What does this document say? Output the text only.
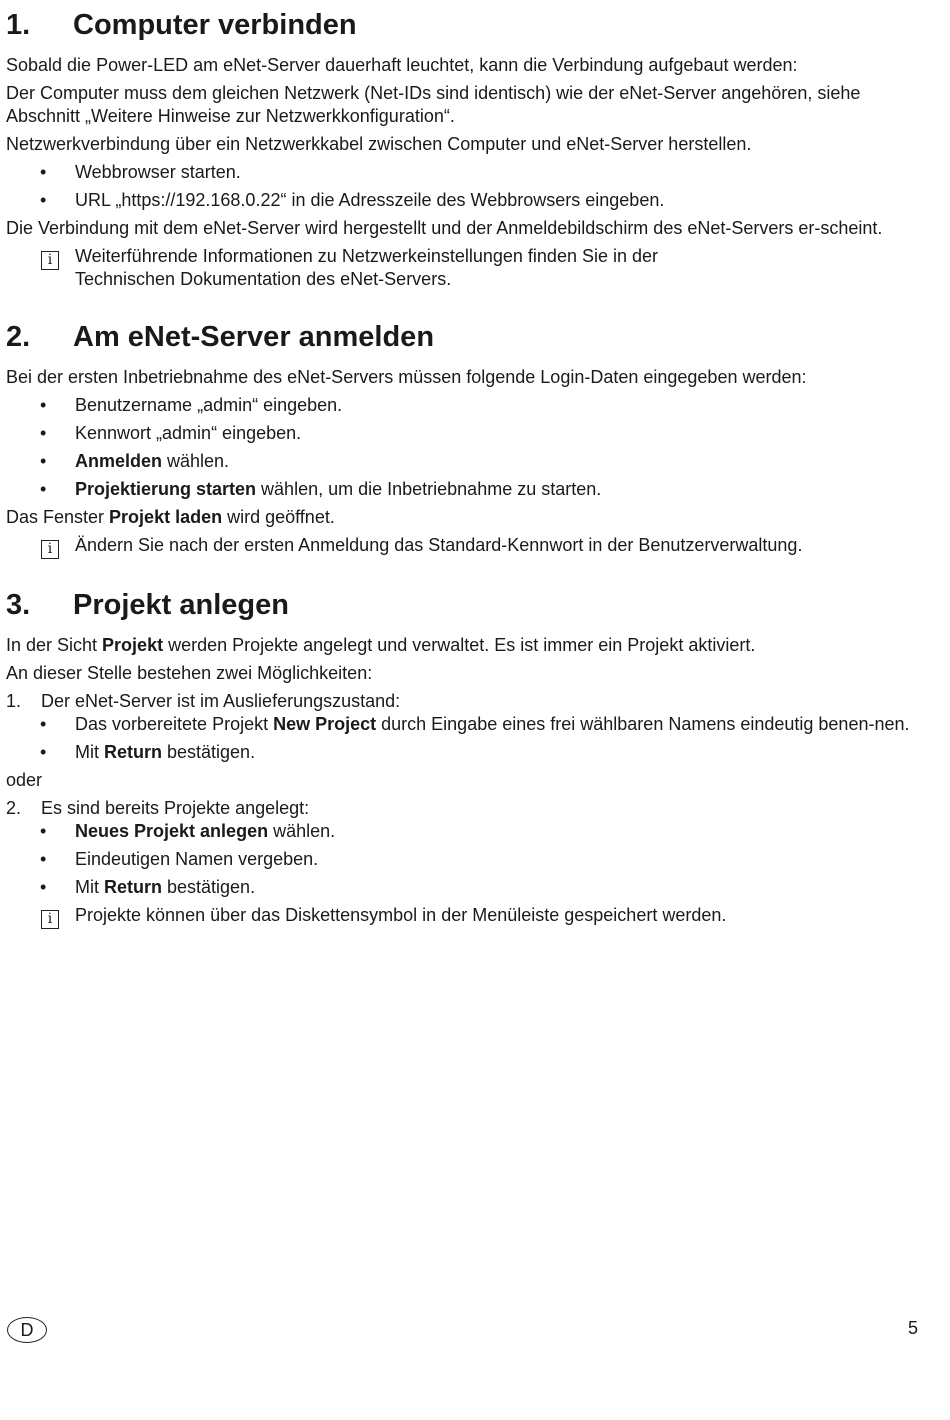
1.	Computer verbinden

Sobald die Power-LED am eNet-Server dauerhaft leuchtet, kann die Verbindung aufgebaut werden:

Der Computer muss dem gleichen Netzwerk (Net-IDs sind identisch) wie der eNet-Server angehören, siehe Abschnitt „Weitere Hinweise zur Netzwerkkonfiguration“.

Netzwerkverbindung über ein Netzwerkkabel zwischen Computer und eNet-Server herstellen.

•	Webbrowser starten.
•	URL „https://192.168.0.22“ in die Adresszeile des Webbrowsers eingeben.

Die Verbindung mit dem eNet-Server wird hergestellt und der Anmeldebildschirm des eNet-Servers er-scheint.

i	Weiterführende Informationen zu Netzwerkeinstellungen finden Sie in der Technischen Dokumentation des eNet-Servers.
2.	Am eNet-Server anmelden

Bei der ersten Inbetriebnahme des eNet-Servers müssen folgende Login-Daten eingegeben werden:

•	Benutzername „admin“ eingeben.
•	Kennwort „admin“ eingeben.
•	Anmelden wählen.
•	Projektierung starten wählen, um die Inbetriebnahme zu starten.

Das Fenster Projekt laden wird geöffnet.

i	Ändern Sie nach der ersten Anmeldung das Standard-Kennwort in der Benutzerverwaltung.
3.	Projekt anlegen

In der Sicht Projekt werden Projekte angelegt und verwaltet. Es ist immer ein Projekt aktiviert.

An dieser Stelle bestehen zwei Möglichkeiten:

1.	Der eNet-Server ist im Auslieferungszustand:
•	Das vorbereitete Projekt New Project durch Eingabe eines frei wählbaren Namens eindeutig benen-nen.
•	Mit Return bestätigen.

oder

2.	Es sind bereits Projekte angelegt:
•	Neues Projekt anlegen wählen.
•	Eindeutigen Namen vergeben.
•	Mit Return bestätigen.
i	Projekte können über das Diskettensymbol in der Menüleiste gespeichert werden.
D	5
